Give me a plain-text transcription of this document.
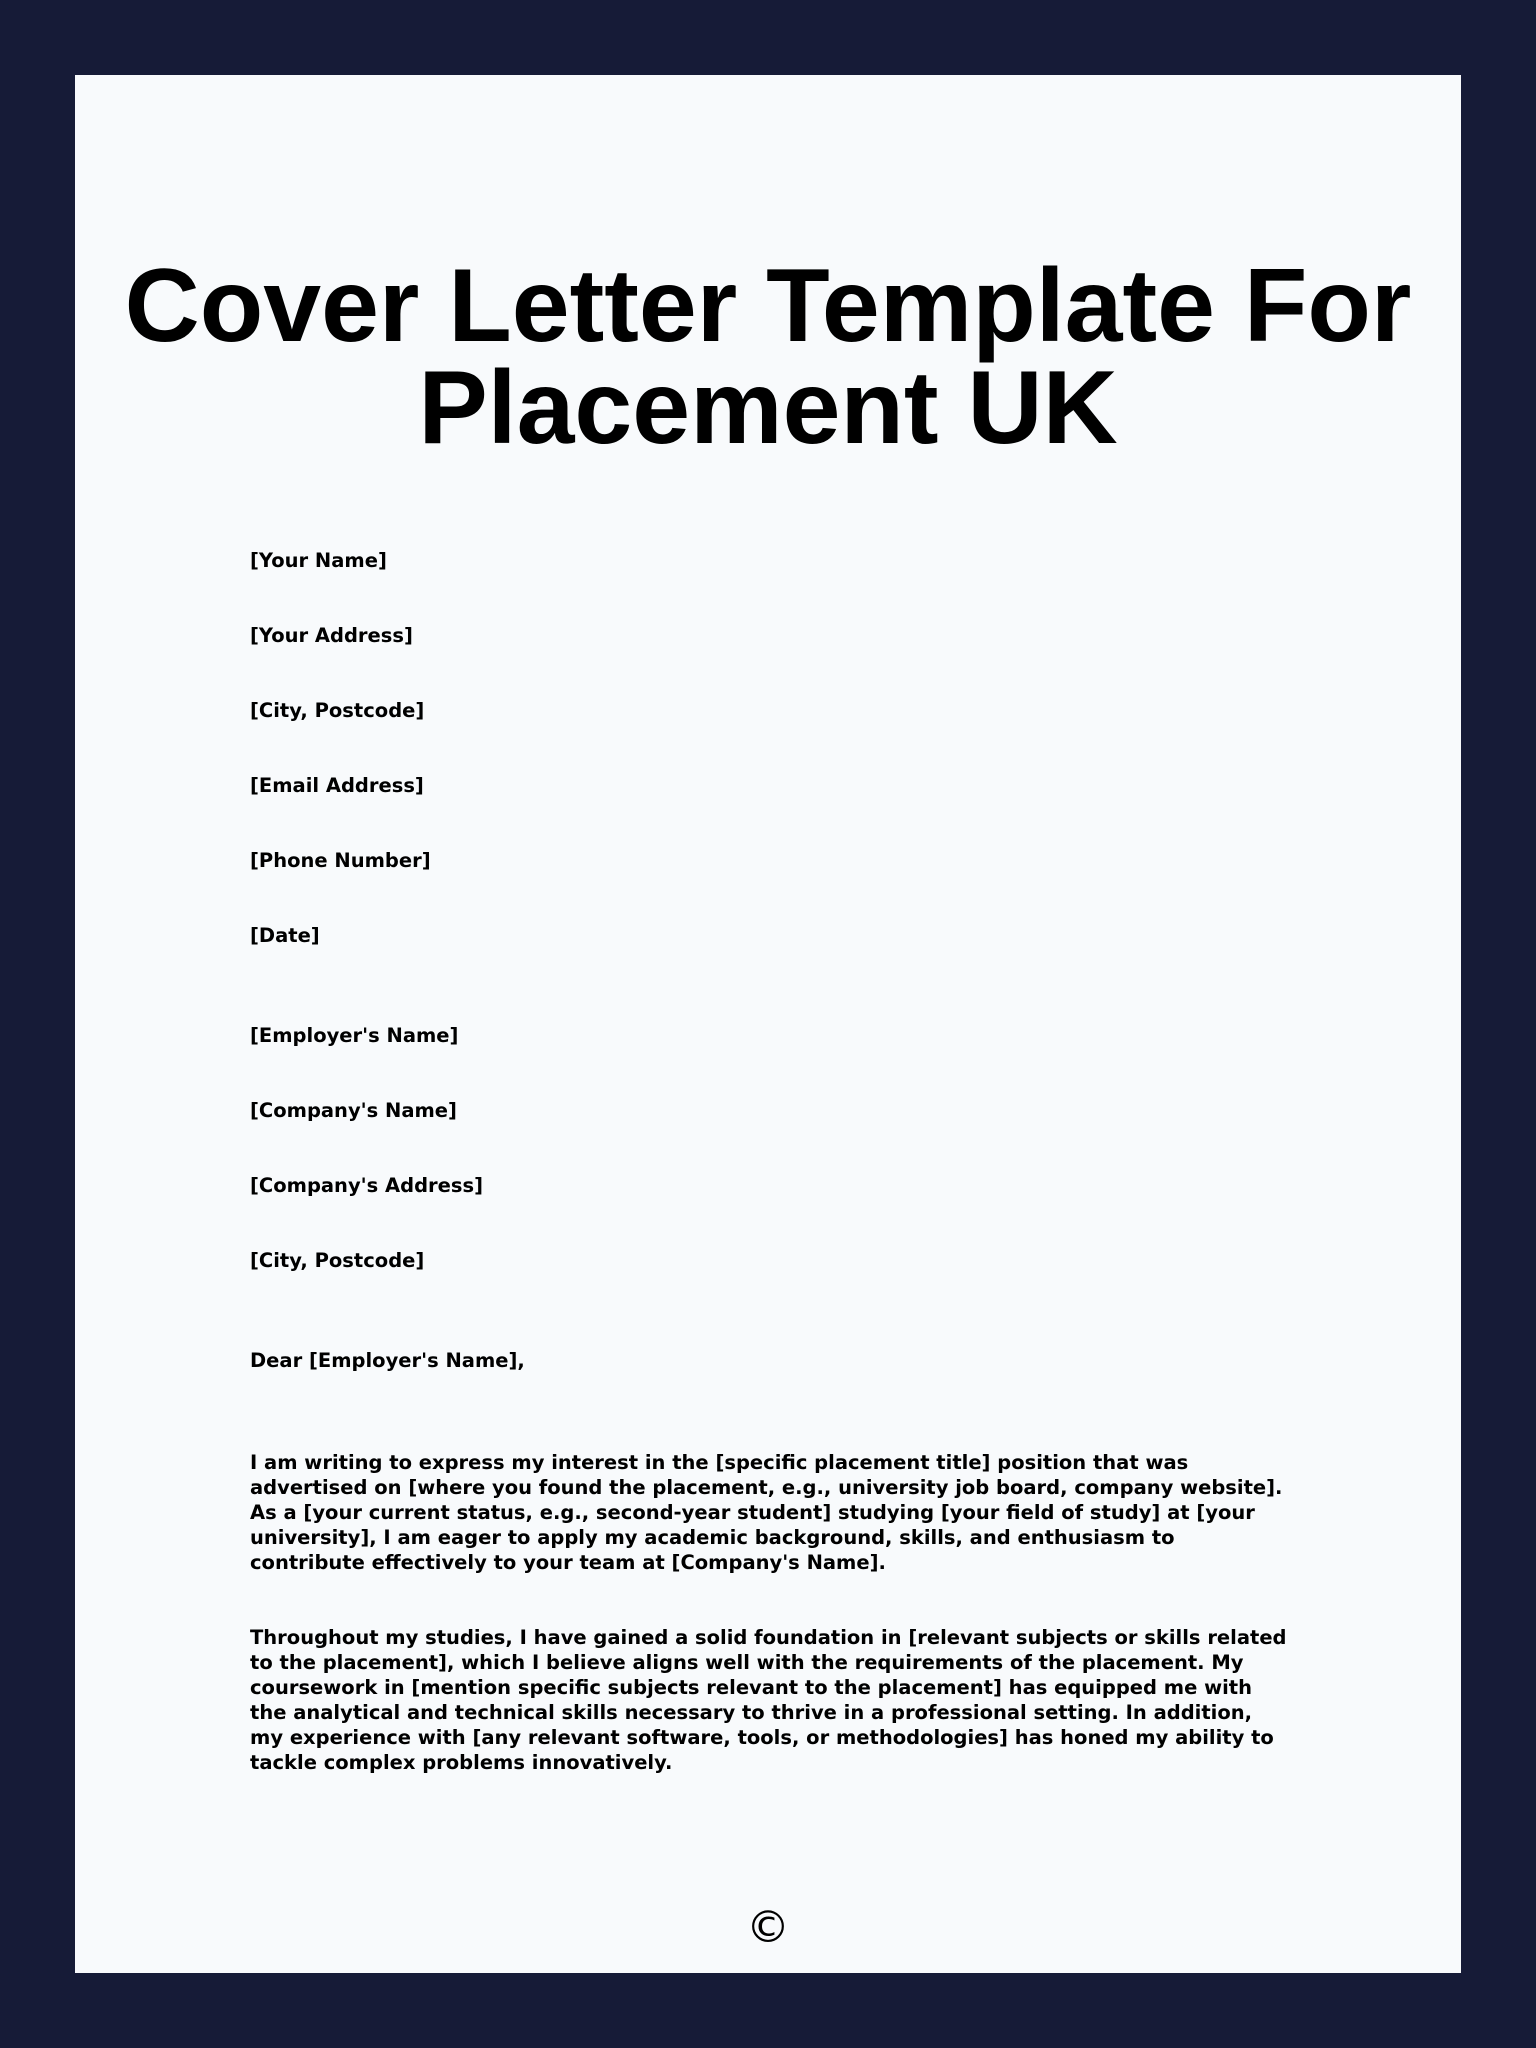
Cover Letter Template For Placement UK
[Your Name]
[Your Address]
[City, Postcode]
[Email Address]
[Phone Number]
[Date]
[Employer's Name]
[Company's Name]
[Company's Address]
[City, Postcode]
Dear [Employer's Name],

I am writing to express my interest in the [specific placement title] position that was advertised on [where you found the placement, e.g., university job board, company website]. As a [your current status, e.g., second-year student] studying [your field of study] at [your university], I am eager to apply my academic background, skills, and enthusiasm to contribute effectively to your team at [Company's Name].

Throughout my studies, I have gained a solid foundation in [relevant subjects or skills related to the placement], which I believe aligns well with the requirements of the placement. My coursework in [mention specific subjects relevant to the placement] has equipped me with the analytical and technical skills necessary to thrive in a professional setting. In addition, my experience with [any relevant software, tools, or methodologies] has honed my ability to tackle complex problems innovatively.

©
